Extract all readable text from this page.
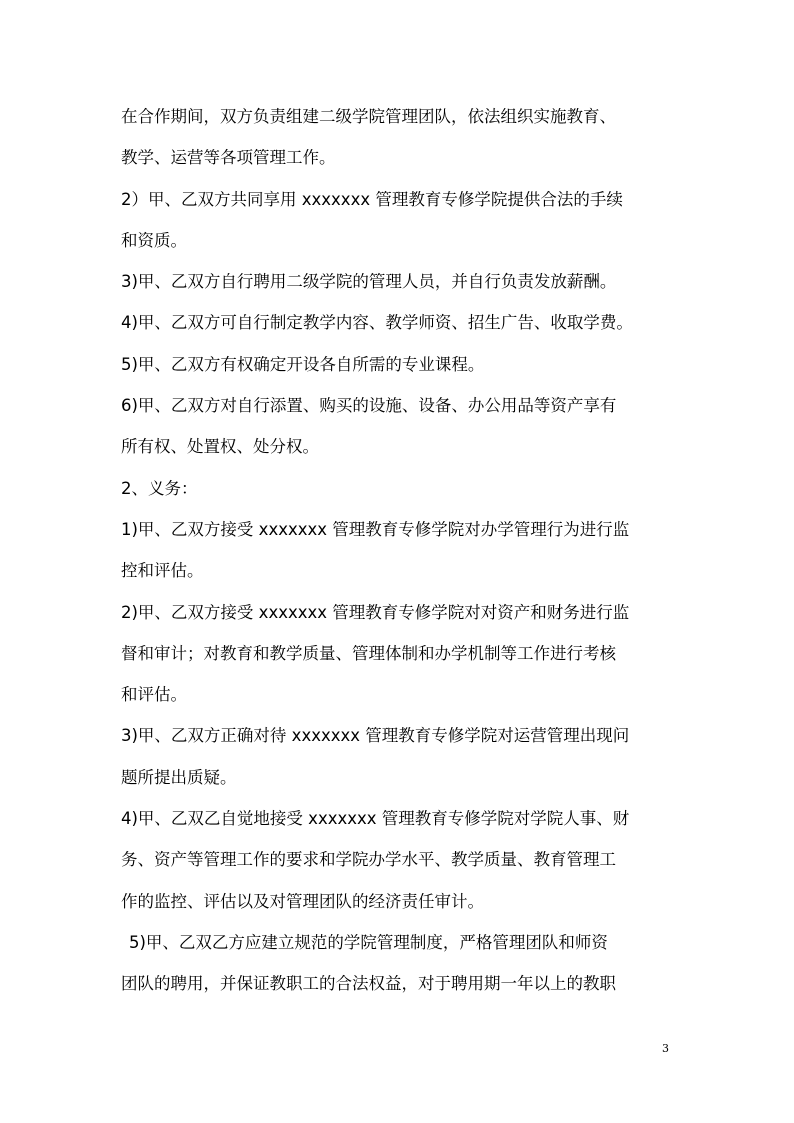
在合作期间，双方负责组建二级学院管理团队，依法组织实施教育、
教学、运营等各项管理工作。
2）甲、乙双方共同享用 xxxxxxx 管理教育专修学院提供合法的手续
和资质。
3)甲、乙双方自行聘用二级学院的管理人员，并自行负责发放薪酬。
4)甲、乙双方可自行制定教学内容、教学师资、招生广告、收取学费。
5)甲、乙双方有权确定开设各自所需的专业课程。
6)甲、乙双方对自行添置、购买的设施、设备、办公用品等资产享有
所有权、处置权、处分权。
2、义务：
1)甲、乙双方接受 xxxxxxx 管理教育专修学院对办学管理行为进行监
控和评估。
2)甲、乙双方接受 xxxxxxx 管理教育专修学院对对资产和财务进行监
督和审计；对教育和教学质量、管理体制和办学机制等工作进行考核
和评估。
3)甲、乙双方正确对待 xxxxxxx 管理教育专修学院对运营管理出现问
题所提出质疑。
4)甲、乙双乙自觉地接受 xxxxxxx 管理教育专修学院对学院人事、财
务、资产等管理工作的要求和学院办学水平、教学质量、教育管理工
作的监控、评估以及对管理团队的经济责任审计。
5)甲、乙双乙方应建立规范的学院管理制度，严格管理团队和师资
团队的聘用，并保证教职工的合法权益，对于聘用期一年以上的教职
3
